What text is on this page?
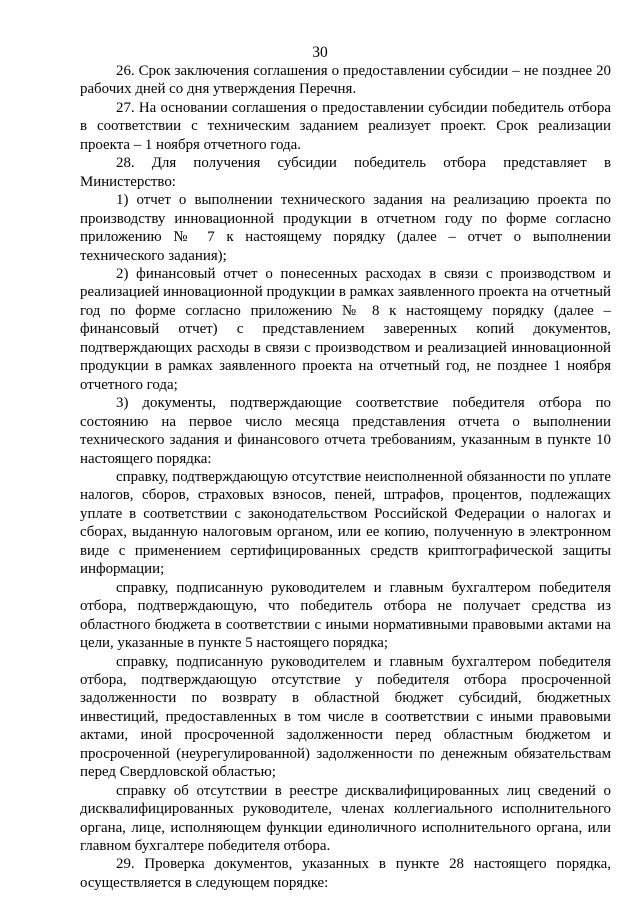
30

26. Срок заключения соглашения о предоставлении субсидии – не позднее 20 рабочих дней со дня утверждения Перечня.

27. На основании соглашения о предоставлении субсидии победитель отбора в соответствии с техническим заданием реализует проект. Срок реализации проекта – 1 ноября отчетного года.

28. Для получения субсидии победитель отбора представляет в Министерство:

1) отчет о выполнении технического задания на реализацию проекта по производству инновационной продукции в отчетном году по форме согласно приложению № 7 к настоящему порядку (далее – отчет о выполнении технического задания);

2) финансовый отчет о понесенных расходах в связи с производством и реализацией инновационной продукции в рамках заявленного проекта на отчетный год по форме согласно приложению № 8 к настоящему порядку (далее – финансовый отчет) с представлением заверенных копий документов, подтверждающих расходы в связи с производством и реализацией инновационной продукции в рамках заявленного проекта на отчетный год, не позднее 1 ноября отчетного года;

3) документы, подтверждающие соответствие победителя отбора по состоянию на первое число месяца представления отчета о выполнении технического задания и финансового отчета требованиям, указанным в пункте 10 настоящего порядка:

справку, подтверждающую отсутствие неисполненной обязанности по уплате налогов, сборов, страховых взносов, пеней, штрафов, процентов, подлежащих уплате в соответствии с законодательством Российской Федерации о налогах и сборах, выданную налоговым органом, или ее копию, полученную в электронном виде с применением сертифицированных средств криптографической защиты информации;

справку, подписанную руководителем и главным бухгалтером победителя отбора, подтверждающую, что победитель отбора не получает средства из областного бюджета в соответствии с иными нормативными правовыми актами на цели, указанные в пункте 5 настоящего порядка;

справку, подписанную руководителем и главным бухгалтером победителя отбора, подтверждающую отсутствие у победителя отбора просроченной задолженности по возврату в областной бюджет субсидий, бюджетных инвестиций, предоставленных в том числе в соответствии с иными правовыми актами, иной просроченной задолженности перед областным бюджетом и просроченной (неурегулированной) задолженности по денежным обязательствам перед Свердловской областью;

справку об отсутствии в реестре дисквалифицированных лиц сведений о дисквалифицированных руководителе, членах коллегиального исполнительного органа, лице, исполняющем функции единоличного исполнительного органа, или главном бухгалтере победителя отбора.

29. Проверка документов, указанных в пункте 28 настоящего порядка, осуществляется в следующем порядке:
